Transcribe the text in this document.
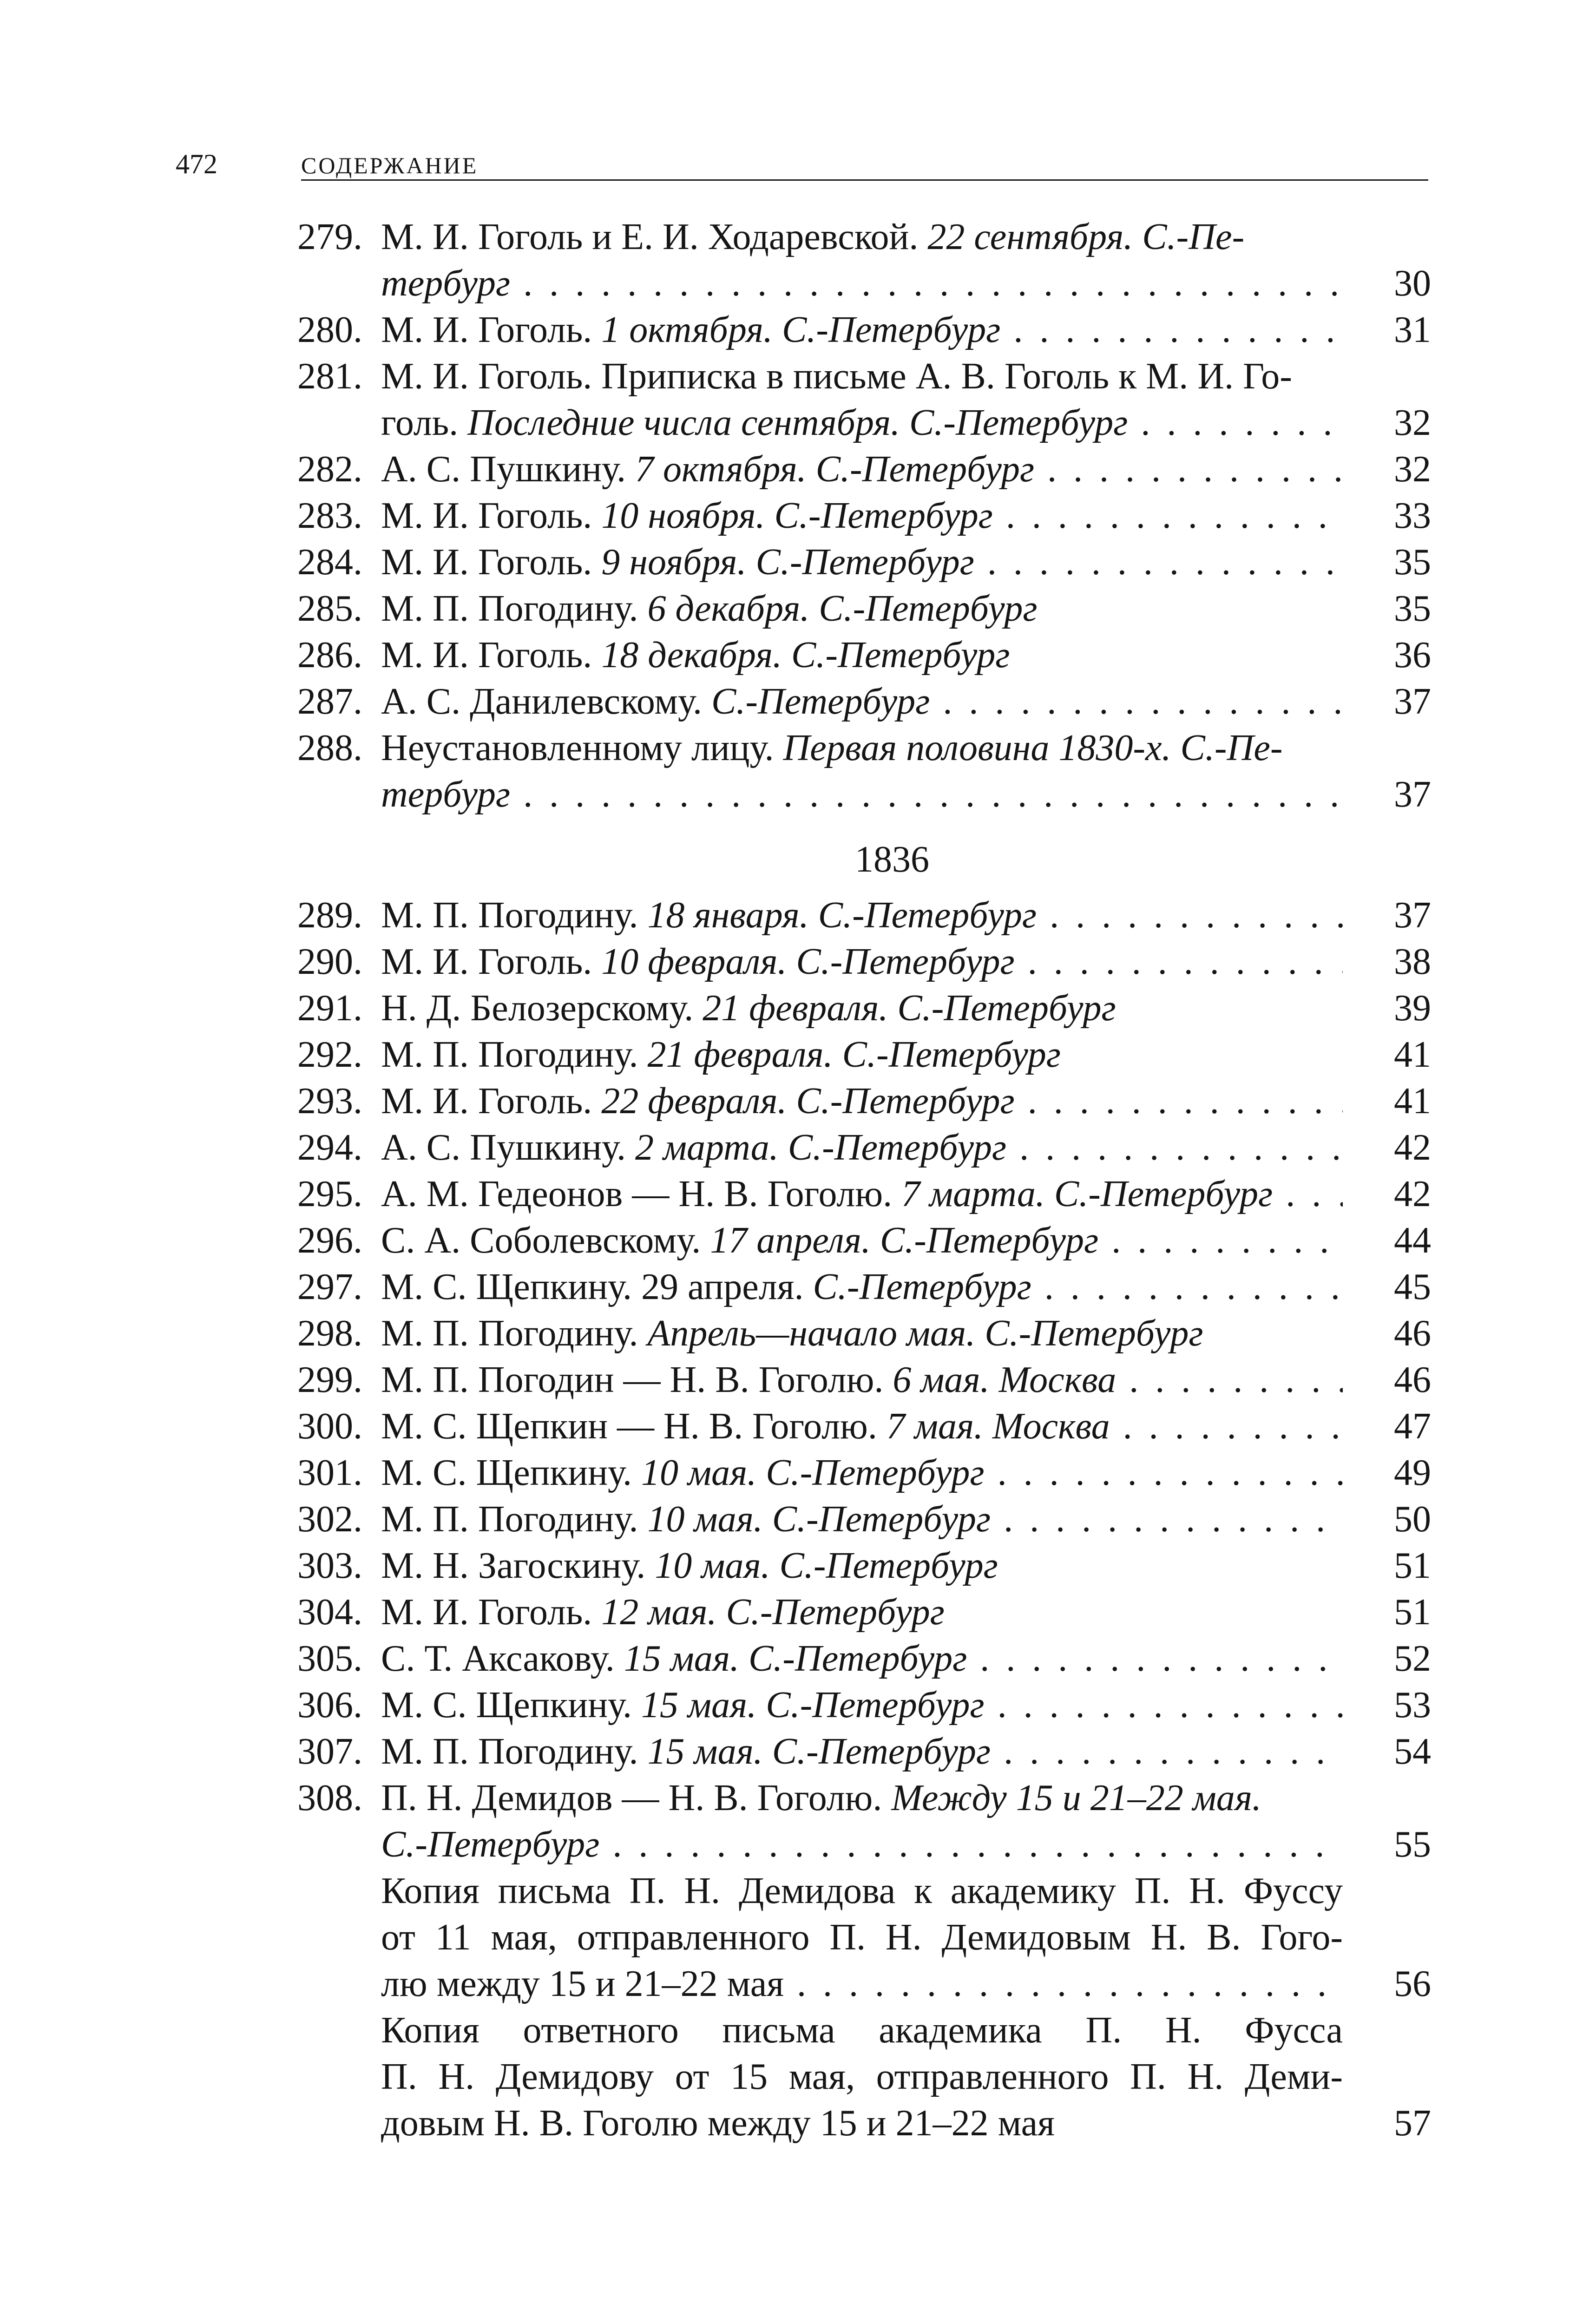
472	СОДЕРЖАНИЕ
279. М. И. Гоголь и Е. И. Ходаревской. 22 сентября. С.-Пе-
тербург . . .	30
280. М. И. Гоголь. 1 октября. С.-Петербург . . .	31
281. М. И. Гоголь. Приписка в письме А. В. Гоголь к М. И. Го-
голь. Последние числа сентября. С.-Петербург . . .	32
282. А. С. Пушкину. 7 октября. С.-Петербург . . .	32
283. М. И. Гоголь. 10 ноября. С.-Петербург . . .	33
284. М. И. Гоголь. 9 ноября. С.-Петербург . . .	35
285. М. П. Погодину. 6 декабря. С.-Петербург	35
286. М. И. Гоголь. 18 декабря. С.-Петербург	36
287. А. С. Данилевскому. С.-Петербург . . .	37
288. Неустановленному лицу. Первая половина 1830-х. С.-Пе-
тербург . . .	37
1836
289. М. П. Погодину. 18 января. С.-Петербург . . .	37
290. М. И. Гоголь. 10 февраля. С.-Петербург . . .	38
291. Н. Д. Белозерскому. 21 февраля. С.-Петербург	39
292. М. П. Погодину. 21 февраля. С.-Петербург	41
293. М. И. Гоголь. 22 февраля. С.-Петербург . . .	41
294. А. С. Пушкину. 2 марта. С.-Петербург . . .	42
295. А. М. Гедеонов — Н. В. Гоголю. 7 марта. С.-Петербург . . .	42
296. С. А. Соболевскому. 17 апреля. С.-Петербург . . .	44
297. М. С. Щепкину. 29 апреля. С.-Петербург . . .	45
298. М. П. Погодину. Апрель—начало мая. С.-Петербург	46
299. М. П. Погодин — Н. В. Гоголю. 6 мая. Москва . . .	46
300. М. С. Щепкин — Н. В. Гоголю. 7 мая. Москва . . .	47
301. М. С. Щепкину. 10 мая. С.-Петербург . . .	49
302. М. П. Погодину. 10 мая. С.-Петербург . . .	50
303. М. Н. Загоскину. 10 мая. С.-Петербург	51
304. М. И. Гоголь. 12 мая. С.-Петербург	51
305. С. Т. Аксакову. 15 мая. С.-Петербург . . .	52
306. М. С. Щепкину. 15 мая. С.-Петербург . . .	53
307. М. П. Погодину. 15 мая. С.-Петербург . . .	54
308. П. Н. Демидов — Н. В. Гоголю. Между 15 и 21–22 мая.
С.-Петербург . . .	55
Копия письма П. Н. Демидова к академику П. Н. Фуссу
от 11 мая, отправленного П. Н. Демидовым Н. В. Гого-
лю между 15 и 21–22 мая . . .	56
Копия ответного письма академика П. Н. Фусса
П. Н. Демидову от 15 мая, отправленного П. Н. Деми-
довым Н. В. Гоголю между 15 и 21–22 мая	57
